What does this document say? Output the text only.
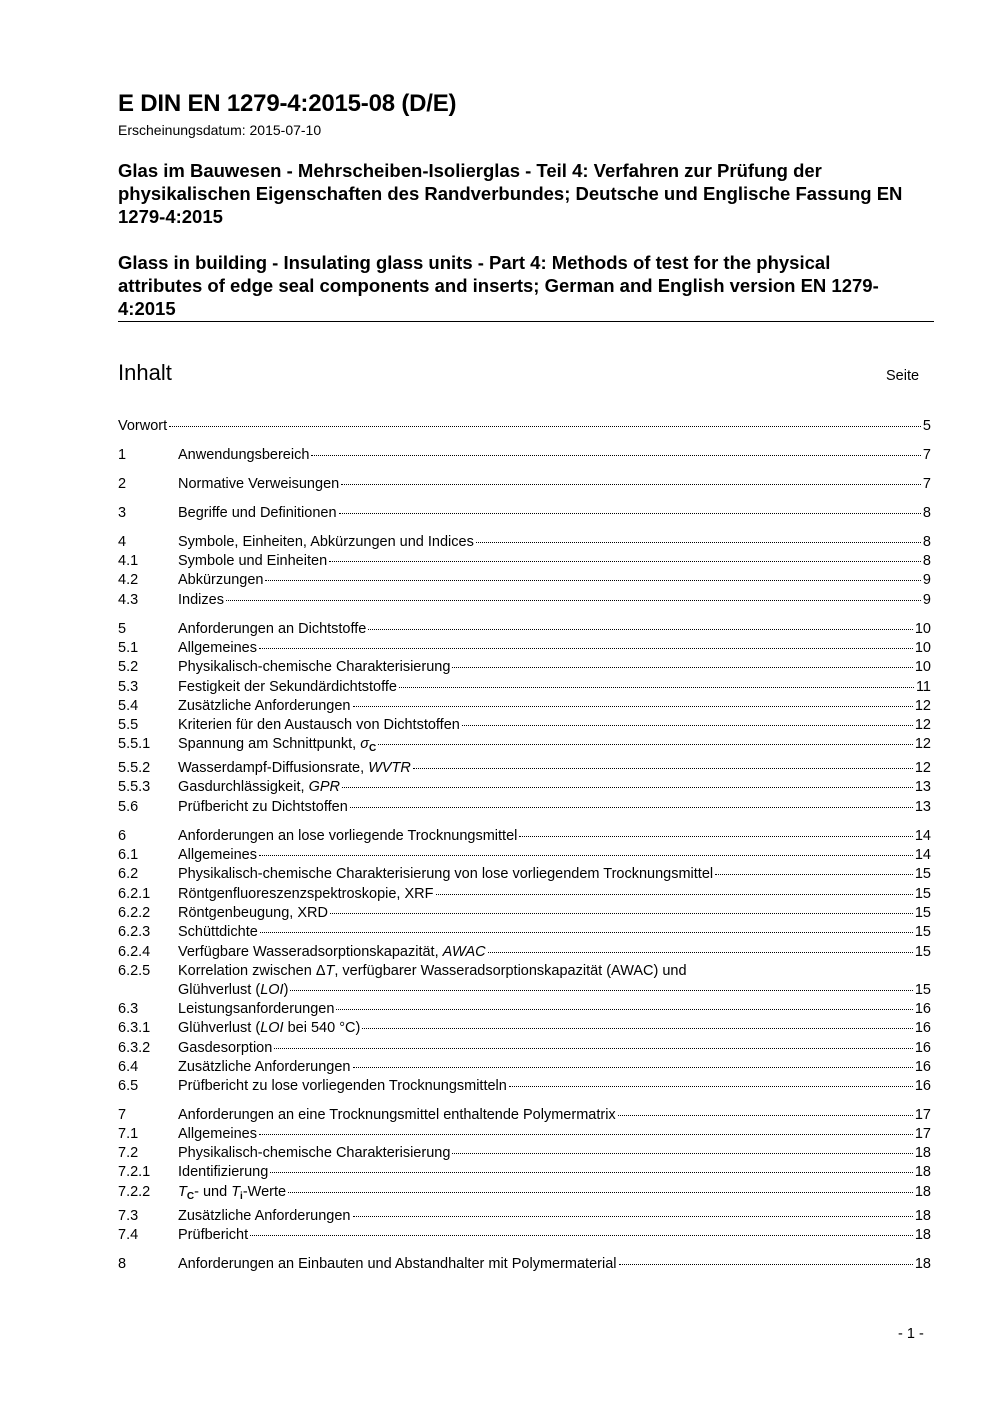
E DIN EN 1279-4:2015-08 (D/E)
Erscheinungsdatum: 2015-07-10
Glas im Bauwesen - Mehrscheiben-Isolierglas - Teil 4: Verfahren zur Prüfung der physikalischen Eigenschaften des Randverbundes; Deutsche und Englische Fassung EN 1279-4:2015
Glass in building - Insulating glass units - Part 4: Methods of test for the physical attributes of edge seal components and inserts; German and English version EN 1279-4:2015
Inhalt	Seite
Vorwort	5
1	Anwendungsbereich	7
2	Normative Verweisungen	7
3	Begriffe und Definitionen	8
4	Symbole, Einheiten, Abkürzungen und Indices	8
4.1	Symbole und Einheiten	8
4.2	Abkürzungen	9
4.3	Indizes	9
5	Anforderungen an Dichtstoffe	10
5.1	Allgemeines	10
5.2	Physikalisch-chemische Charakterisierung	10
5.3	Festigkeit der Sekundärdichtstoffe	11
5.4	Zusätzliche Anforderungen	12
5.5	Kriterien für den Austausch von Dichtstoffen	12
5.5.1	Spannung am Schnittpunkt, $\sigma_C$	12
5.5.2	Wasserdampf-Diffusionsrate, WVTR	12
5.5.3	Gasdurchlässigkeit, GPR	13
5.6	Prüfbericht zu Dichtstoffen	13
6	Anforderungen an lose vorliegende Trocknungsmittel	14
6.1	Allgemeines	14
6.2	Physikalisch-chemische Charakterisierung von lose vorliegendem Trocknungsmittel	15
6.2.1	Röntgenfluoreszenzspektroskopie, XRF	15
6.2.2	Röntgenbeugung, XRD	15
6.2.3	Schüttdichte	15
6.2.4	Verfügbare Wasseradsorptionskapazität, AWAC	15
6.2.5	Korrelation zwischen ΔT, verfügbarer Wasseradsorptionskapazität (AWAC) und
Glühverlust (LOI)	15
6.3	Leistungsanforderungen	16
6.3.1	Glühverlust (LOI bei 540 °C)	16
6.3.2	Gasdesorption	16
6.4	Zusätzliche Anforderungen	16
6.5	Prüfbericht zu lose vorliegenden Trocknungsmitteln	16
7	Anforderungen an eine Trocknungsmittel enthaltende Polymermatrix	17
7.1	Allgemeines	17
7.2	Physikalisch-chemische Charakterisierung	18
7.2.1	Identifizierung	18
7.2.2	$T_C-$ und $T_i$-Werte	18
7.3	Zusätzliche Anforderungen	18
7.4	Prüfbericht	18
8	Anforderungen an Einbauten und Abstandhalter mit Polymermaterial	18
- 1 -
